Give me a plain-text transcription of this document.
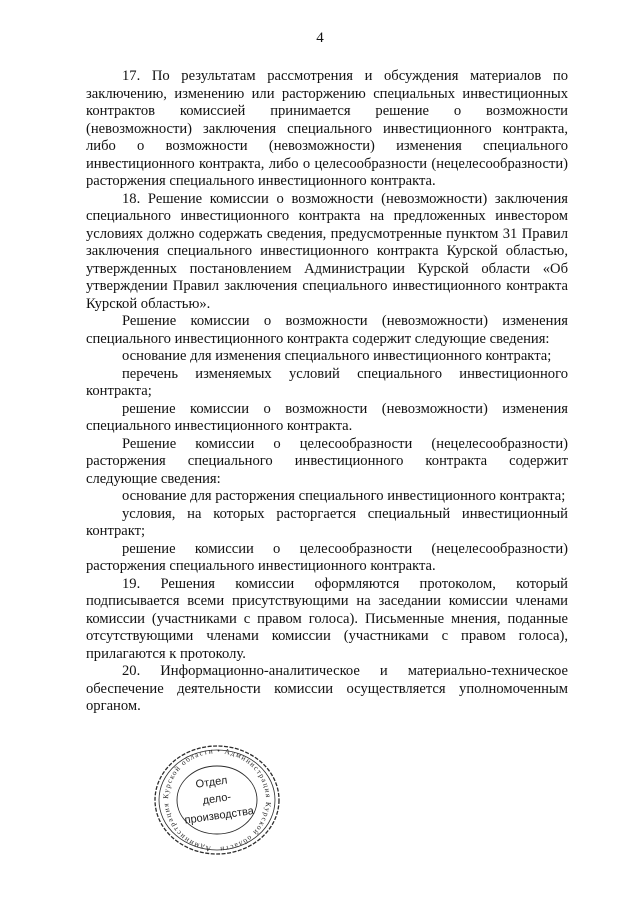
4

17. По результатам рассмотрения и обсуждения материалов по заключению, изменению или расторжению специальных инвестиционных контрактов комиссией принимается решение о возможности (невозможности) заключения специального инвестиционного контракта, либо о возможности (невозможности) изменения специального инвестиционного контракта, либо о целесообразности (нецелесообразности) расторжения специального инвестиционного контракта.

18. Решение комиссии о возможности (невозможности) заключения специального инвестиционного контракта на предложенных инвестором условиях должно содержать сведения, предусмотренные пунктом 31 Правил заключения специального инвестиционного контракта Курской областью, утвержденных постановлением Администрации Курской области «Об утверждении Правил заключения специального инвестиционного контракта Курской областью».

Решение комиссии о возможности (невозможности) изменения специального инвестиционного контракта содержит следующие сведения:

основание для изменения специального инвестиционного контракта;

перечень изменяемых условий специального инвестиционного контракта;

решение комиссии о возможности (невозможности) изменения специального инвестиционного контракта.

Решение комиссии о целесообразности (нецелесообразности) расторжения специального инвестиционного контракта содержит следующие сведения:

основание для расторжения специального инвестиционного контракта;

условия, на которых расторгается специальный инвестиционный контракт;

решение комиссии о целесообразности (нецелесообразности) расторжения специального инвестиционного контракта.

19. Решения комиссии оформляются протоколом, который подписывается всеми присутствующими на заседании комиссии членами комиссии (участниками с правом голоса). Письменные мнения, поданные отсутствующими членами комиссии (участниками с правом голоса), прилагаются к протоколу.

20. Информационно-аналитическое и материально-техническое обеспечение деятельности комиссии осуществляется уполномоченным органом.

Администрация Курской области • Администрация Курской области
Отдел
дело-
производства
